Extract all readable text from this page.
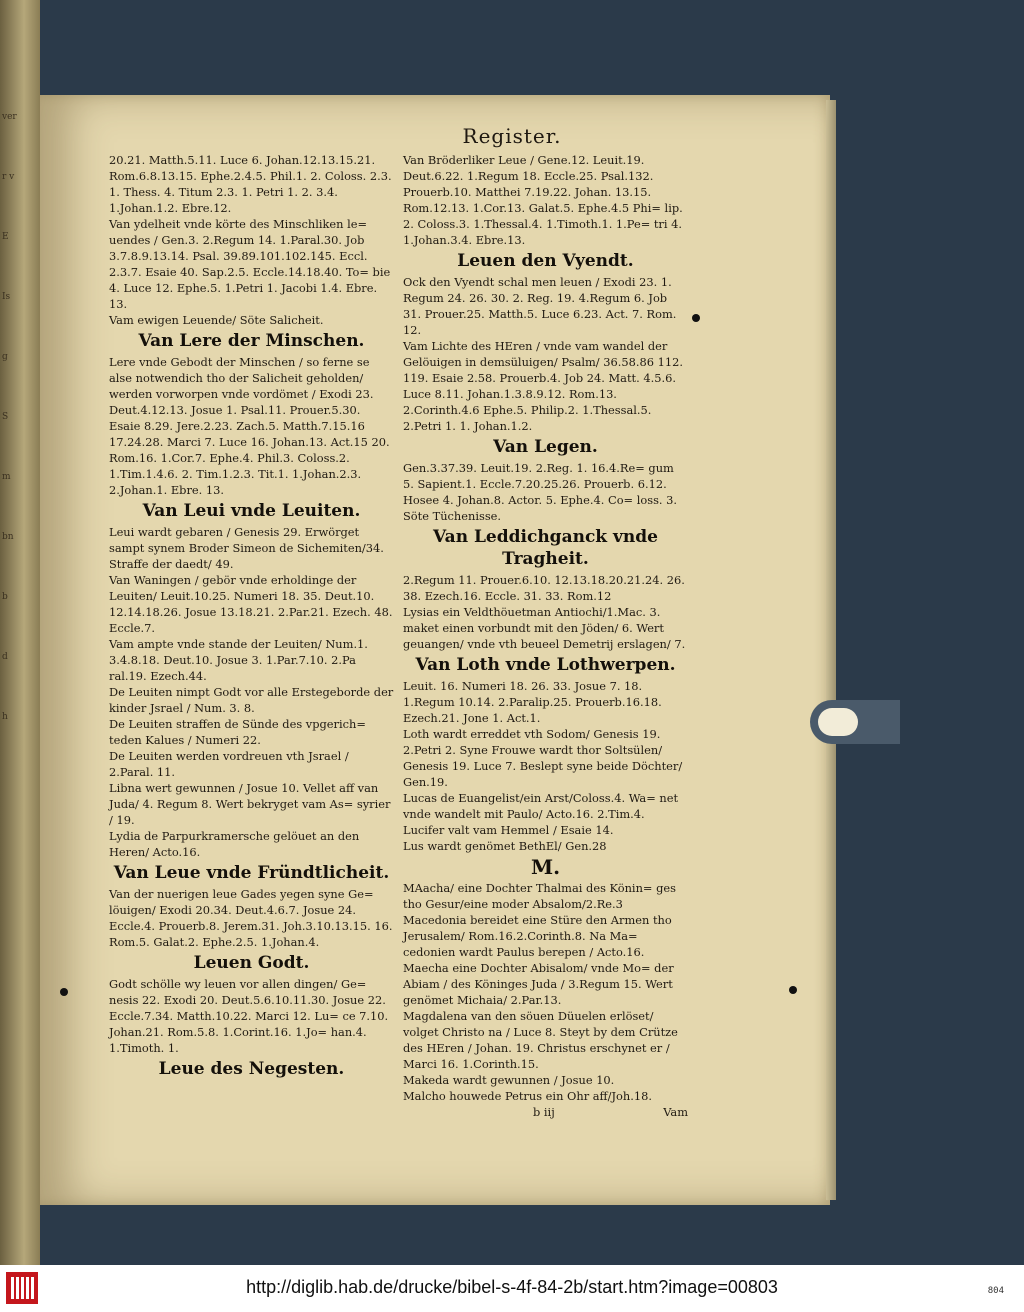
ver
r v
E
Is
g
S
m
bn
b
d
h
Register.

20.21. Matth.5.11. Luce 6. Johan.12.13.15.21. Rom.6.8.13.15. Ephe.2.4.5. Phil.1. 2. Coloss. 2.3. 1. Thess. 4. Titum 2.3. 1. Petri 1. 2. 3.4. 1.Johan.1.2. Ebre.12.

Van ydelheit vnde körte des Minschliken le= uendes / Gen.3. 2.Regum 14. 1.Paral.30. Job 3.7.8.9.13.14. Psal. 39.89.101.102.145. Eccl. 2.3.7. Esaie 40. Sap.2.5. Eccle.14.18.40. To= bie 4. Luce 12. Ephe.5. 1.Petri 1. Jacobi 1.4. Ebre. 13.

Vam ewigen Leuende/ Söte Salicheit.

Van Lere der Minschen.

Lere vnde Gebodt der Minschen / so ferne se alse notwendich tho der Salicheit geholden/ werden vorworpen vnde vordömet / Exodi 23. Deut.4.12.13. Josue 1. Psal.11. Prouer.5.30. Esaie 8.29. Jere.2.23. Zach.5. Matth.7.15.16 17.24.28. Marci 7. Luce 16. Johan.13. Act.15 20. Rom.16. 1.Cor.7. Ephe.4. Phil.3. Coloss.2. 1.Tim.1.4.6. 2. Tim.1.2.3. Tit.1. 1.Johan.2.3. 2.Johan.1. Ebre. 13.

Van Leui vnde Leuiten.

Leui wardt gebaren / Genesis 29. Erwörget sampt synem Broder Simeon de Sichemiten/34. Straffe der daedt/ 49.

Van Waningen / gebör vnde erholdinge der Leuiten/ Leuit.10.25. Numeri 18. 35. Deut.10. 12.14.18.26. Josue 13.18.21. 2.Par.21. Ezech. 48. Eccle.7.

Vam ampte vnde stande der Leuiten/ Num.1. 3.4.8.18. Deut.10. Josue 3. 1.Par.7.10. 2.Pa ral.19. Ezech.44.

De Leuiten nimpt Godt vor alle Erstegeborde der kinder Jsrael / Num. 3. 8.

De Leuiten straffen de Sünde des vpgerich= teden Kalues / Numeri 22.

De Leuiten werden vordreuen vth Jsrael / 2.Paral. 11.

Libna wert gewunnen / Josue 10. Vellet aff van Juda/ 4. Regum 8. Wert bekryget vam As= syrier / 19.

Lydia de Parpurkramersche gelöuet an den Heren/ Acto.16.

Van Leue vnde Fründtlicheit.

Van der nuerigen leue Gades yegen syne Ge= löuigen/ Exodi 20.34. Deut.4.6.7. Josue 24. Eccle.4. Prouerb.8. Jerem.31. Joh.3.10.13.15. 16. Rom.5. Galat.2. Ephe.2.5. 1.Johan.4.

Leuen Godt.

Godt schölle wy leuen vor allen dingen/ Ge= nesis 22. Exodi 20. Deut.5.6.10.11.30. Josue 22. Eccle.7.34. Matth.10.22. Marci 12. Lu= ce 7.10. Johan.21. Rom.5.8. 1.Corint.16. 1.Jo= han.4. 1.Timoth. 1.

Leue des Negesten.

Van Bröderliker Leue / Gene.12. Leuit.19. Deut.6.22. 1.Regum 18. Eccle.25. Psal.132. Prouerb.10. Matthei 7.19.22. Johan. 13.15. Rom.12.13. 1.Cor.13. Galat.5. Ephe.4.5 Phi= lip. 2. Coloss.3. 1.Thessal.4. 1.Timoth.1. 1.Pe= tri 4. 1.Johan.3.4. Ebre.13.

Leuen den Vyendt.

Ock den Vyendt schal men leuen / Exodi 23. 1. Regum 24. 26. 30. 2. Reg. 19. 4.Regum 6. Job 31. Prouer.25. Matth.5. Luce 6.23. Act. 7. Rom. 12.

Vam Lichte des HEren / vnde vam wandel der Gelöuigen in demsüluigen/ Psalm/ 36.58.86 112. 119. Esaie 2.58. Prouerb.4. Job 24. Matt. 4.5.6. Luce 8.11. Johan.1.3.8.9.12. Rom.13. 2.Corinth.4.6 Ephe.5. Philip.2. 1.Thessal.5. 2.Petri 1. 1. Johan.1.2.

Van Legen.

Gen.3.37.39. Leuit.19. 2.Reg. 1. 16.4.Re= gum 5. Sapient.1. Eccle.7.20.25.26. Prouerb. 6.12. Hosee 4. Johan.8. Actor. 5. Ephe.4. Co= loss. 3. Söte Tüchenisse.

Van Leddichganck vnde Tragheit.

2.Regum 11. Prouer.6.10. 12.13.18.20.21.24. 26. 38. Ezech.16. Eccle. 31. 33. Rom.12

Lysias ein Veldthöuetman Antiochi/1.Mac. 3. maket einen vorbundt mit den Jöden/ 6. Wert geuangen/ vnde vth beueel Demetrij erslagen/ 7.

Van Loth vnde Lothwerpen.

Leuit. 16. Numeri 18. 26. 33. Josue 7. 18. 1.Regum 10.14. 2.Paralip.25. Prouerb.16.18. Ezech.21. Jone 1. Act.1.

Loth wardt erreddet vth Sodom/ Genesis 19. 2.Petri 2. Syne Frouwe wardt thor Soltsülen/ Genesis 19. Luce 7. Beslept syne beide Döchter/ Gen.19.

Lucas de Euangelist/ein Arst/Coloss.4. Wa= net vnde wandelt mit Paulo/ Acto.16. 2.Tim.4.

Lucifer valt vam Hemmel / Esaie 14.

Lus wardt genömet BethEl/ Gen.28

M.

MAacha/ eine Dochter Thalmai des Könin= ges tho Gesur/eine moder Absalom/2.Re.3

Macedonia bereidet eine Stüre den Armen tho Jerusalem/ Rom.16.2.Corinth.8. Na Ma= cedonien wardt Paulus berepen / Acto.16.

Maecha eine Dochter Abisalom/ vnde Mo= der Abiam / des Köninges Juda / 3.Regum 15. Wert genömet Michaia/ 2.Par.13.

Magdalena van den söuen Düuelen erlöset/ volget Christo na / Luce 8. Steyt by dem Crütze des HEren / Johan. 19. Christus erschynet er / Marci 16. 1.Corinth.15.

Makeda wardt gewunnen / Josue 10.

Malcho houwede Petrus ein Ohr aff/Joh.18.

b iij	Vam
http://diglib.hab.de/drucke/bibel-s-4f-84-2b/start.htm?image=00803	804
